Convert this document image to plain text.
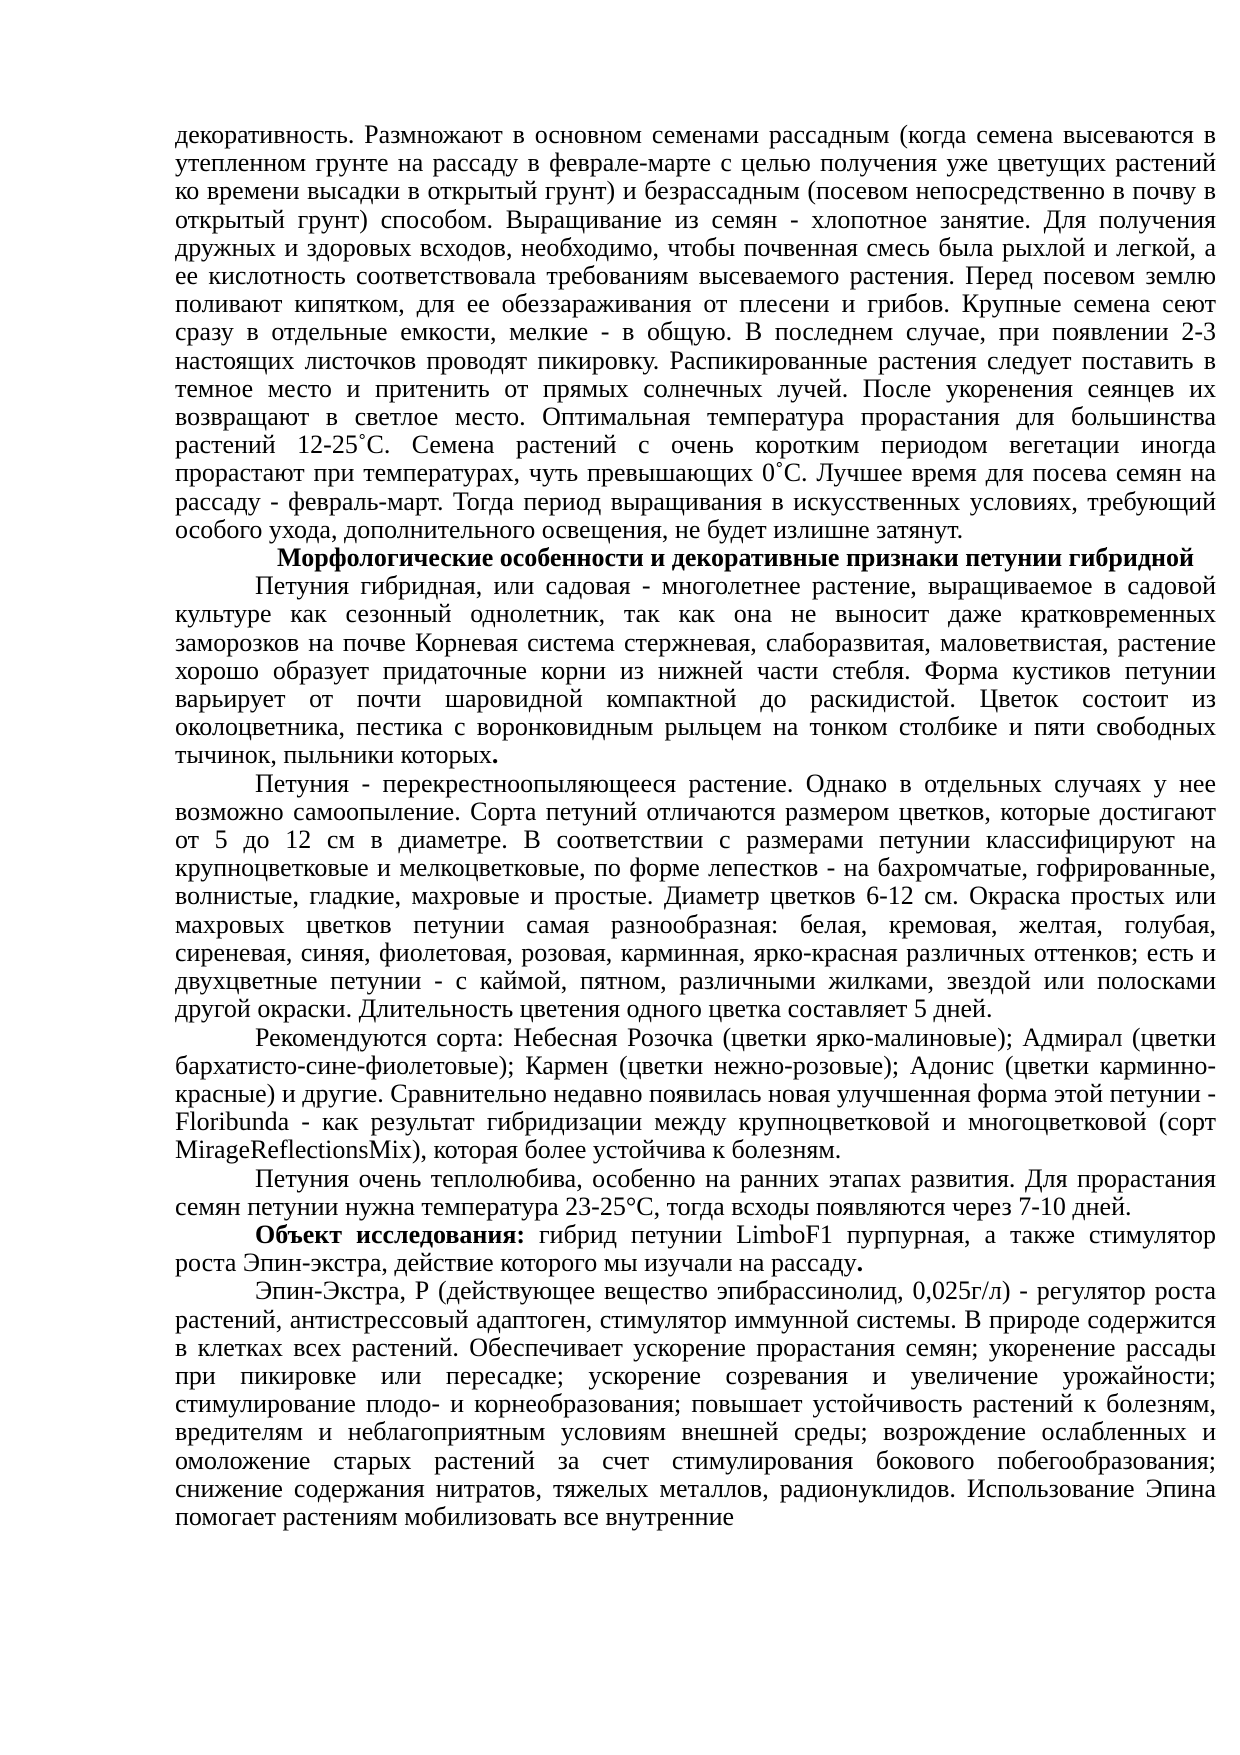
декоративность. Размножают в основном семенами рассадным (когда семена высеваются в утепленном грунте на рассаду в феврале-марте с целью получения уже цветущих растений ко времени высадки в открытый грунт) и безрассадным (посевом непосредственно в почву в открытый грунт) способом. Выращивание из семян - хлопотное занятие. Для получения дружных и здоровых всходов, необходимо, чтобы почвенная смесь была рыхлой и легкой, а ее кислотность соответствовала требованиям высеваемого растения. Перед посевом землю поливают кипятком, для ее обеззараживания от плесени и грибов. Крупные семена сеют сразу в отдельные емкости, мелкие - в общую. В последнем случае, при появлении 2-3 настоящих листочков проводят пикировку. Распикированные растения следует поставить в темное место и притенить от прямых солнечных лучей. После укоренения сеянцев их возвращают в светлое место. Оптимальная температура прорастания для большинства растений 12-25˚С. Семена растений с очень коротким периодом вегетации иногда прорастают при температурах, чуть превышающих 0˚С. Лучшее время для посева семян на рассаду - февраль-март. Тогда период выращивания в искусственных условиях, требующий особого ухода, дополнительного освещения, не будет излишне затянут.

Морфологические особенности и декоративные признаки петунии гибридной

Петуния гибридная, или садовая - многолетнее растение, выращиваемое в садовой культуре как сезонный однолетник, так как она не выносит даже кратковременных заморозков на почве Корневая система стержневая, слаборазвитая, маловетвистая, растение хорошо образует придаточные корни из нижней части стебля. Форма кустиков петунии варьирует от почти шаровидной компактной до раскидистой. Цветок состоит из околоцветника, пестика с воронковидным рыльцем на тонком столбике и пяти свободных тычинок, пыльники которых.

Петуния - перекрестноопыляющееся растение. Однако в отдельных случаях у нее возможно самоопыление. Сорта петуний отличаются размером цветков, которые достигают от 5 до 12 см в диаметре. В соответствии с размерами петунии классифицируют на крупноцветковые и мелкоцветковые, по форме лепестков - на бахромчатые, гофрированные, волнистые, гладкие, махровые и простые. Диаметр цветков 6-12 см. Окраска простых или махровых цветков петунии самая разнообразная: белая, кремовая, желтая, голубая, сиреневая, синяя, фиолетовая, розовая, карминная, ярко-красная различных оттенков; есть и двухцветные петунии - с каймой, пятном, различными жилками, звездой или полосками другой окраски. Длительность цветения одного цветка составляет 5 дней.

Рекомендуются сорта: Небесная Розочка (цветки ярко-малиновые); Адмирал (цветки бархатисто-сине-фиолетовые); Кармен (цветки нежно-розовые); Адонис (цветки карминно-красные) и другие. Сравнительно недавно появилась новая улучшенная форма этой петунии - Floribunda - как результат гибридизации между крупноцветковой и многоцветковой (сорт MirageReflectionsMix), которая более устойчива к болезням.

Петуния очень теплолюбива, особенно на ранних этапах развития. Для прорастания семян петунии нужна температура 23-25°С, тогда всходы появляются через 7-10 дней.

Объект исследования: гибрид петунии LimboF1 пурпурная, а также стимулятор роста Эпин-экстра, действие которого мы изучали на рассаду.

Эпин-Экстра, Р (действующее вещество эпибрассинолид, 0,025г/л) - регулятор роста растений, антистрессовый адаптоген, стимулятор иммунной системы. В природе содержится в клетках всех растений. Обеспечивает ускорение прорастания семян; укоренение рассады при пикировке или пересадке; ускорение созревания и увеличение урожайности; стимулирование плодо- и корнеобразования; повышает устойчивость растений к болезням, вредителям и неблагоприятным условиям внешней среды; возрождение ослабленных и омоложение старых растений за счет стимулирования бокового побегообразования; снижение содержания нитратов, тяжелых металлов, радионуклидов. Использование Эпина помогает растениям мобилизовать все внутренние
